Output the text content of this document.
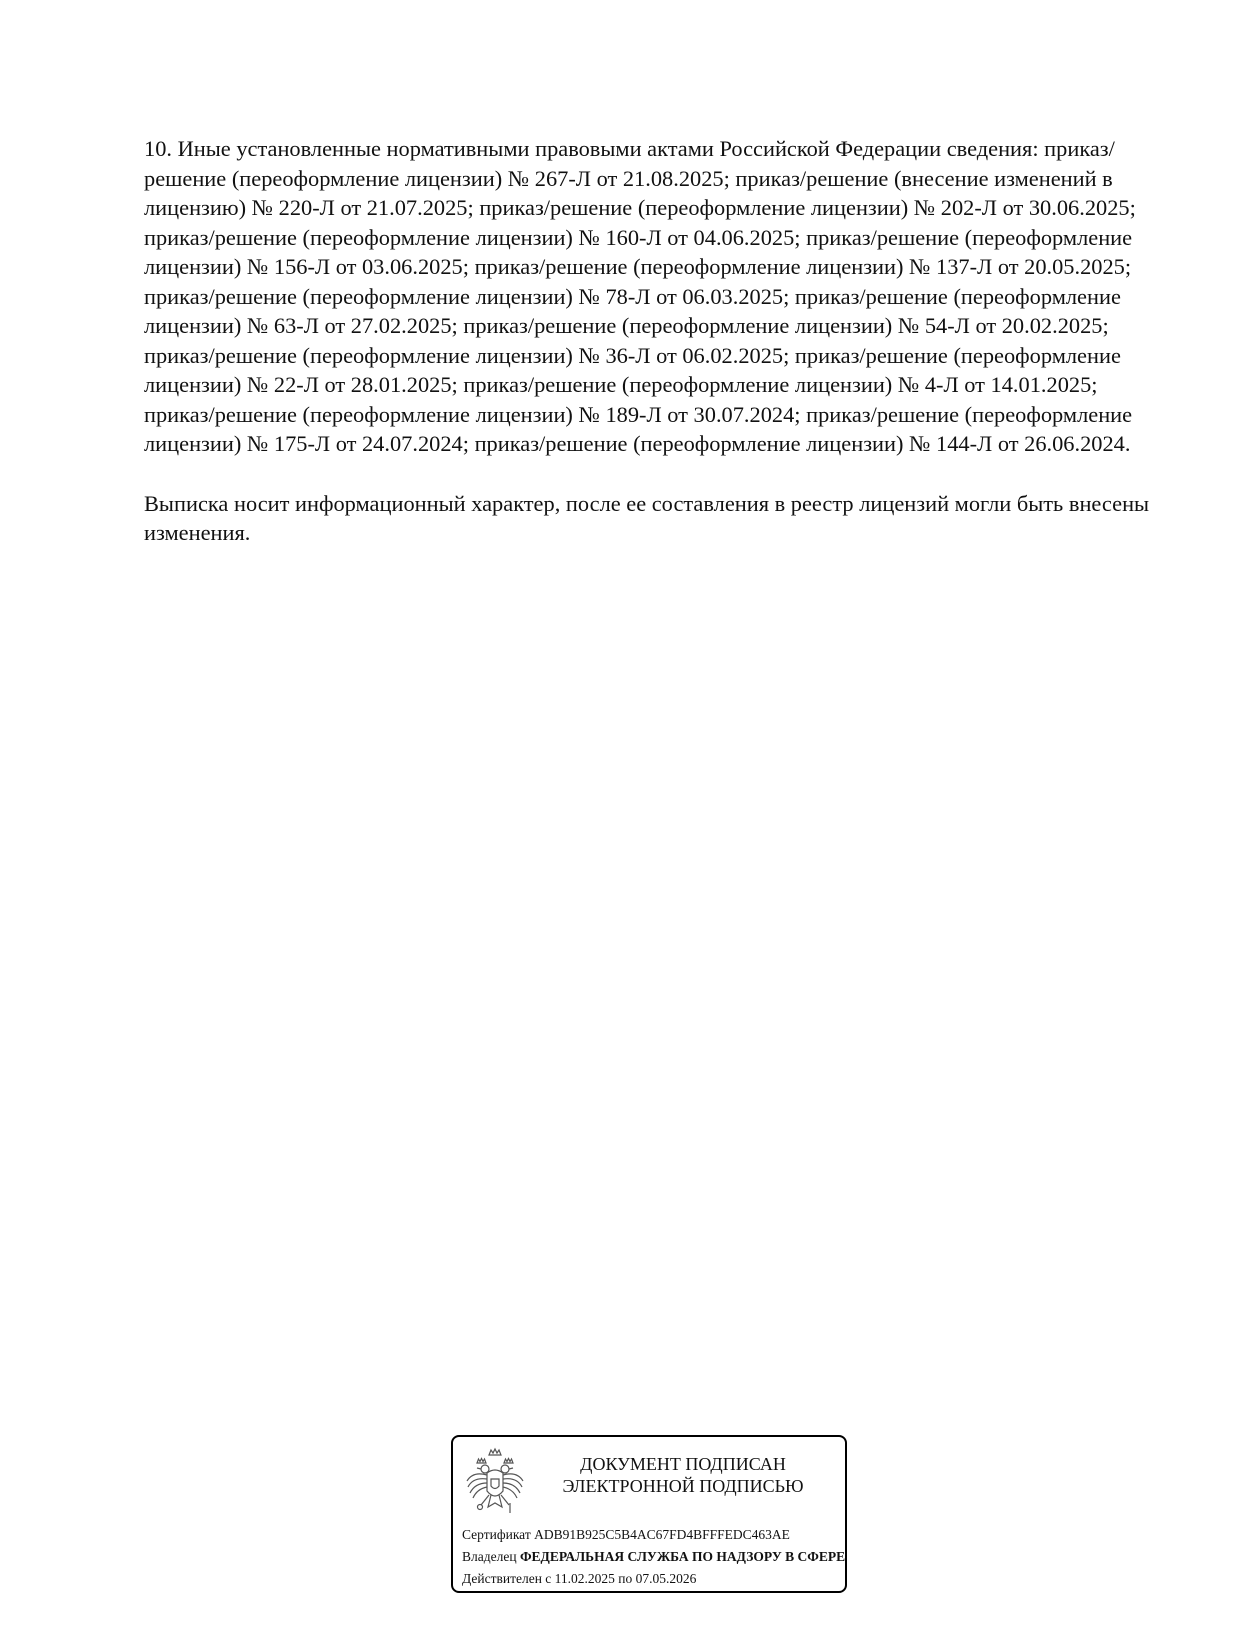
10. Иные установленные нормативными правовыми актами Российской Федерации сведения: приказ/решение (переоформление лицензии) № 267-Л от 21.08.2025; приказ/решение (внесение изменений в лицензию) № 220-Л от 21.07.2025; приказ/решение (переоформление лицензии) № 202-Л от 30.06.2025; приказ/решение (переоформление лицензии) № 160-Л от 04.06.2025; приказ/решение (переоформление лицензии) № 156-Л от 03.06.2025; приказ/решение (переоформление лицензии) № 137-Л от 20.05.2025; приказ/решение (переоформление лицензии) № 78-Л от 06.03.2025; приказ/решение (переоформление лицензии) № 63-Л от 27.02.2025; приказ/решение (переоформление лицензии) № 54-Л от 20.02.2025; приказ/решение (переоформление лицензии) № 36-Л от 06.02.2025; приказ/решение (переоформление лицензии) № 22-Л от 28.01.2025; приказ/решение (переоформление лицензии) № 4-Л от 14.01.2025; приказ/решение (переоформление лицензии) № 189-Л от 30.07.2024; приказ/решение (переоформление лицензии) № 175-Л от 24.07.2024; приказ/решение (переоформление лицензии) № 144-Л от 26.06.2024.

Выписка носит информационный характер, после ее составления в реестр лицензий могли быть внесены изменения.

ДОКУМЕНТ ПОДПИСАН
ЭЛЕКТРОННОЙ ПОДПИСЬЮ
Сертификат ADB91B925C5B4AC67FD4BFFFEDC463AE
Владелец ФЕДЕРАЛЬНАЯ СЛУЖБА ПО НАДЗОРУ В СФЕРЕ
Действителен с 11.02.2025 по 07.05.2026
